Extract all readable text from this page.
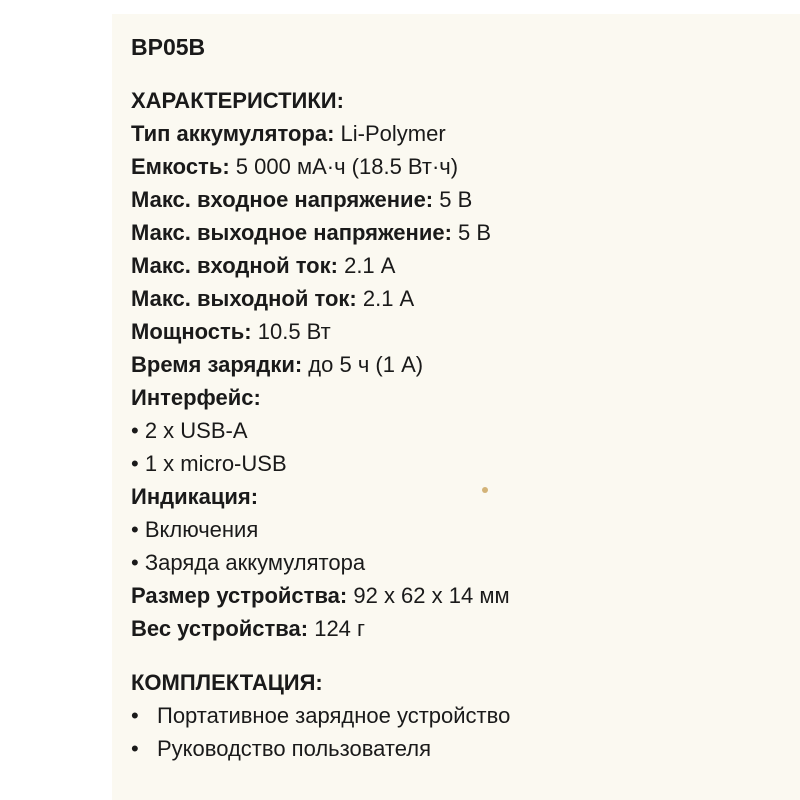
BP05B
ХАРАКТЕРИСТИКИ:
Тип аккумулятора: Li-Polymer
Емкость: 5 000 мА·ч (18.5 Вт·ч)
Макс. входное напряжение: 5 В
Макс. выходное напряжение: 5 В
Макс. входной ток: 2.1 А
Макс. выходной ток: 2.1 А
Мощность: 10.5 Вт
Время зарядки: до 5 ч (1 А)
Интерфейс:
• 2 х USB-A
• 1 x micro-USB
Индикация:
• Включения
• Заряда аккумулятора
Размер устройства: 92 х 62 х 14 мм
Вес устройства: 124 г
КОМПЛЕКТАЦИЯ:
• Портативное зарядное устройство
• Руководство пользователя
